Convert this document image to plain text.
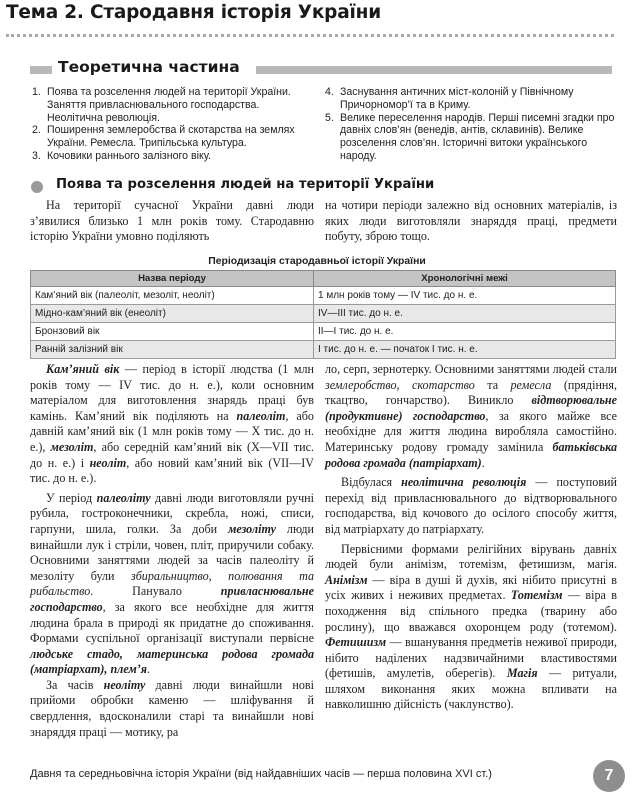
Тема 2. Стародавня історія України
Теоретична частина
1. Поява та розселення людей на території України. Заняття привласнювального господарства. Неолітична революція.
2. Поширення землеробства й скотарства на землях України. Ремесла. Трипільська культура.
3. Кочовики раннього залізного віку.
4. Заснування античних міст-колоній у Північному Причорномор’ї та в Криму.
5. Велике переселення народів. Перші писемні згадки про давніх слов’ян (венедів, антів, склавинів). Велике розселення слов’ян. Історичні витоки українського народу.
Поява та розселення людей на території України

На території сучасної України давні люди з’явилися близько 1 млн років тому. Стародавню історію України умовно поділяють

на чотири періоди залежно від основних матеріалів, із яких люди виготовляли знаряддя праці, предмети побуту, зброю тощо.

Періодизація стародавньої історії України
Назва періоду	Хронологічні межі
Кам’яний вік (палеоліт, мезоліт, неоліт)	1 млн років тому — IV тис. до н. е.
Мідно-кам’яний вік (енеоліт)	IV—III тис. до н. е.
Бронзовий вік	II—I тис. до н. е.
Ранній залізний вік	I тис. до н. е. — початок I тис. н. е.

Кам’яний вік — період в історії людства (1 млн років тому — IV тис. до н. е.), коли основним матеріалом для виготовлення знарядь праці був камінь. Кам’яний вік поділяють на палеоліт, або давній кам’яний вік (1 млн років тому — X тис. до н. е.), мезоліт, або середній кам’яний вік (X—VII тис. до н. е.) і неоліт, або новий кам’яний вік (VII—IV тис. до н. е.).

У період палеоліту давні люди виготовляли ручні рубила, гостроконечники, скребла, ножі, списи, гарпуни, шила, голки. За доби мезоліту люди винайшли лук і стріли, човен, пліт, приручили собаку. Основними заняттями людей за часів палеоліту й мезоліту були збиральництво, полювання та рибальство. Панувало привласнювальне господарство, за якого все необхідне для життя людина брала в природі як придатне до споживання. Формами суспільної організації виступали первісне людське стадо, материнська родова громада (матріархат), плем’я.

За часів неоліту давні люди винайшли нові прийоми обробки каменю — шліфування й свердлення, вдосконалили старі та винайшли нові знаряддя праці — мотику, ра

ло, серп, зернотерку. Основними заняттями людей стали землеробство, скотарство та ремесла (прядіння, ткацтво, гончарство). Виникло відтворювальне (продуктивне) господарство, за якого майже все необхідне для життя людина виробляла самостійно. Материнську родову громаду замінила батьківська родова громада (патріархат).

Відбулася неолітична революція — поступовий перехід від привласнювального до відтворювального господарства, від кочового до осілого способу життя, від матріархату до патріархату.

Первісними формами релігійних вірувань давніх людей були анімізм, тотемізм, фетишизм, магія. Анімізм — віра в душі й духів, які нібито присутні в усіх живих і неживих предметах. Тотемізм — віра в походження від спільного предка (тварину або рослину), що вважався охоронцем роду (тотемом). Фетишизм — вшанування предметів неживої природи, нібито наділених надзвичайними властивостями (фетишів, амулетів, оберегів). Магія — ритуали, шляхом виконання яких можна впливати на навколишню дійсність (чаклунство).

Давня та середньовічна історія України (від найдавніших часів — перша половина XVI ст.)	7
